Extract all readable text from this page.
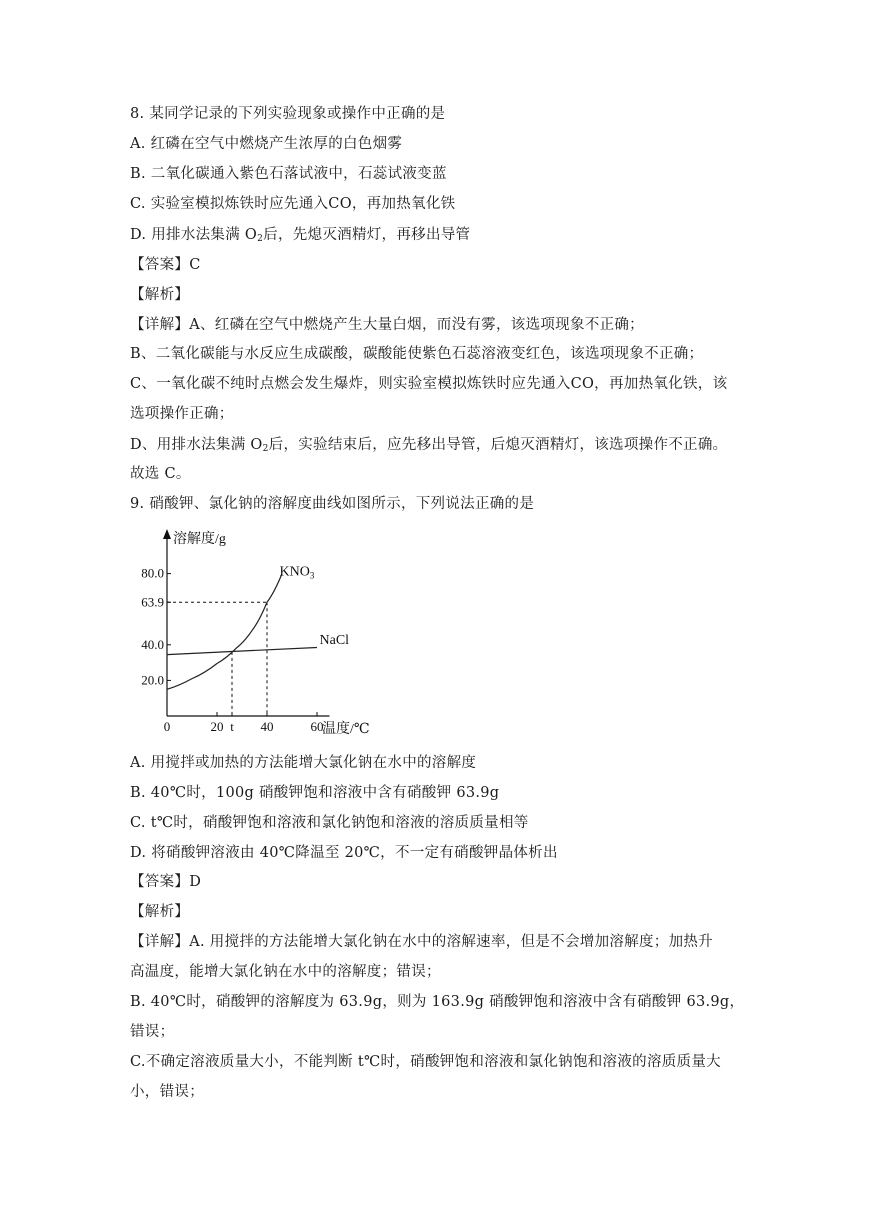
8. 某同学记录的下列实验现象或操作中正确的是
A. 红磷在空气中燃烧产生浓厚的白色烟雾
B. 二氧化碳通入紫色石落试液中，石蕊试液变蓝
C. 实验室模拟炼铁时应先通入CO，再加热氧化铁
D. 用排水法集满 $O_2$后，先熄灭酒精灯，再移出导管
【答案】C
【解析】
【详解】A、红磷在空气中燃烧产生大量白烟，而没有雾，该选项现象不正确；
B、二氧化碳能与水反应生成碳酸，碳酸能使紫色石蕊溶液变红色，该选项现象不正确；
C、一氧化碳不纯时点燃会发生爆炸，则实验室模拟炼铁时应先通入CO，再加热氧化铁，该
选项操作正确；
D、用排水法集满 $O_2$后，实验结束后，应先移出导管，后熄灭酒精灯，该选项操作不正确。
故选 C。
9. 硝酸钾、氯化钠的溶解度曲线如图所示，下列说法正确的是
80.0
63.9
40.0
20.0
0	20 t 40	60
溶解度/g
温度/℃
$KNO_3$
NaCl
A. 用搅拌或加热的方法能增大氯化钠在水中的溶解度
B. 40℃时，100g 硝酸钾饱和溶液中含有硝酸钾 63.9g
C. t℃时，硝酸钾饱和溶液和氯化钠饱和溶液的溶质质量相等
D. 将硝酸钾溶液由 40℃降温至 20℃，不一定有硝酸钾晶体析出
【答案】D
【解析】
【详解】A. 用搅拌的方法能增大氯化钠在水中的溶解速率，但是不会增加溶解度；加热升
高温度，能增大氯化钠在水中的溶解度；错误；
B. 40℃时，硝酸钾的溶解度为 63.9g，则为 163.9g 硝酸钾饱和溶液中含有硝酸钾 63.9g，
错误；
C.不确定溶液质量大小，不能判断 t℃时，硝酸钾饱和溶液和氯化钠饱和溶液的溶质质量大
小，错误；
